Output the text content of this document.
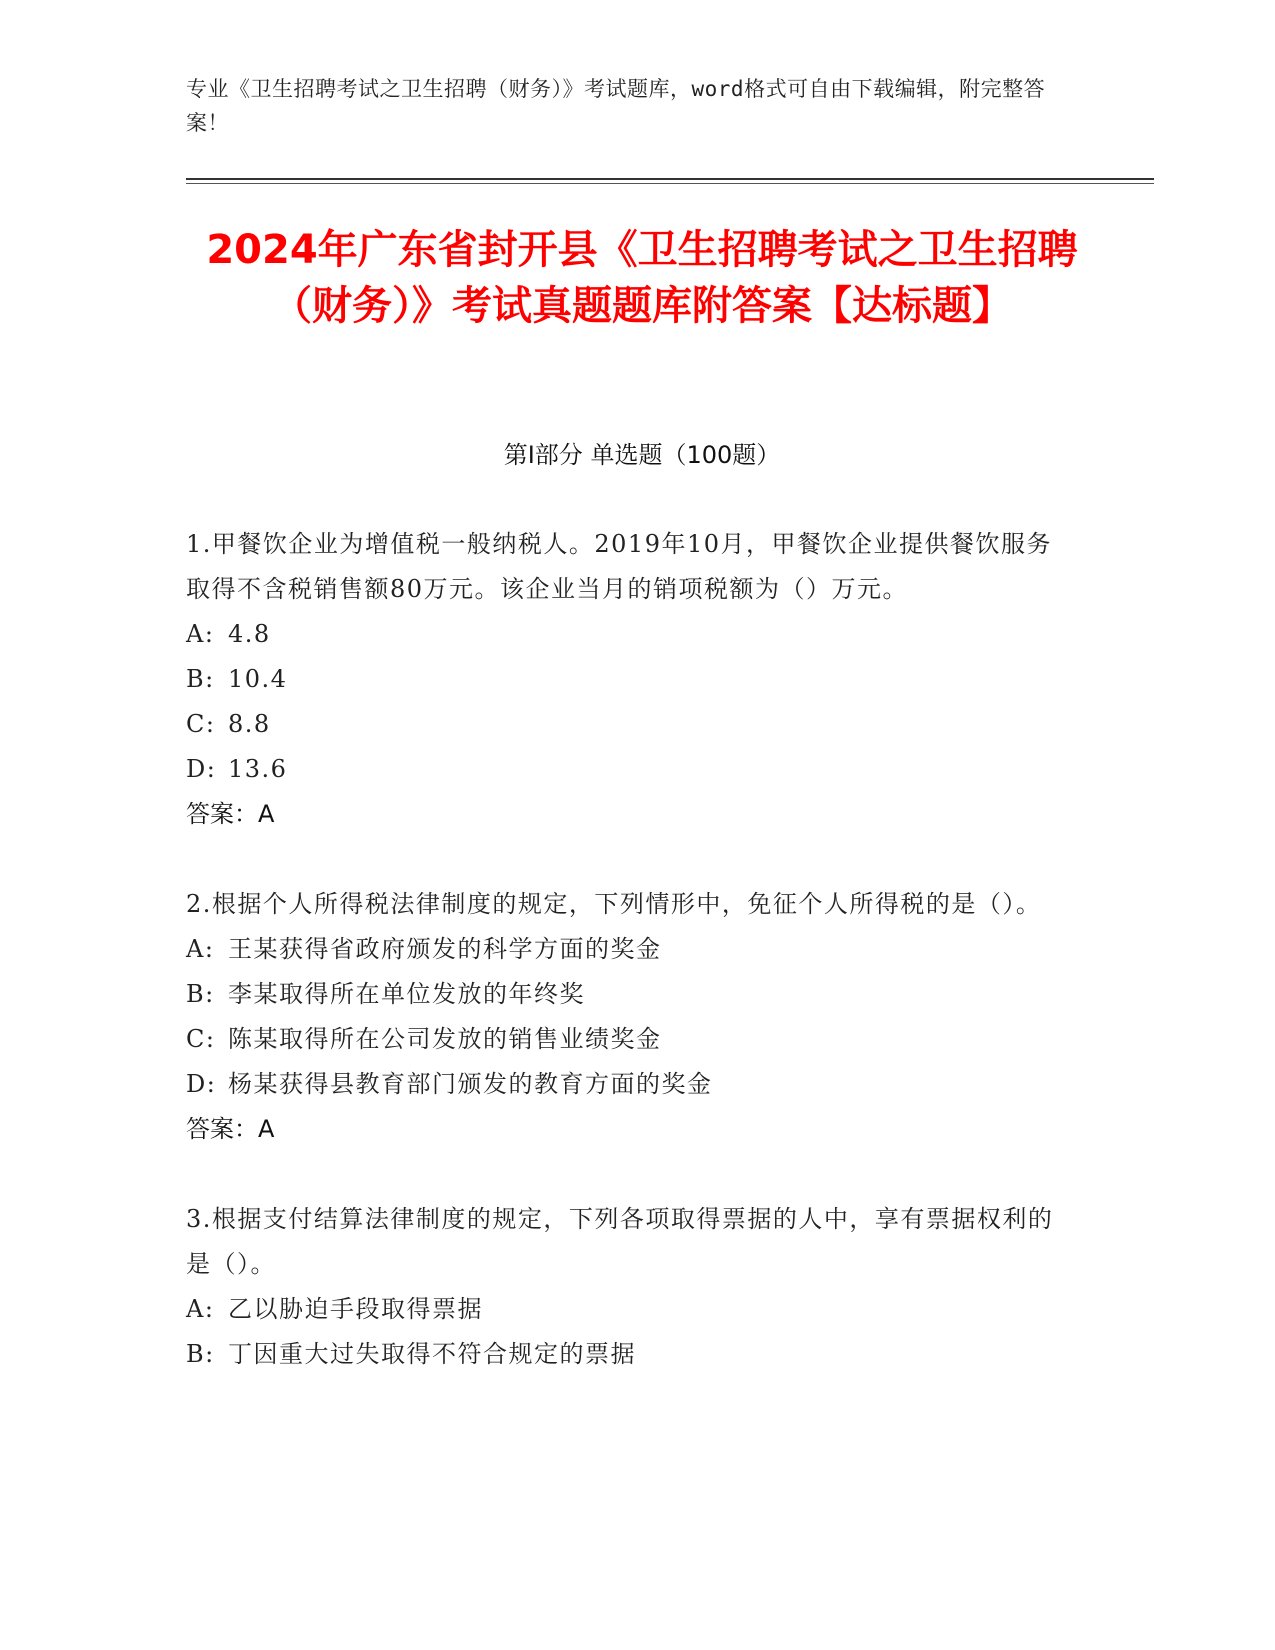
专业《卫生招聘考试之卫生招聘（财务）》考试题库，word格式可自由下载编辑，附完整答案！
2024年广东省封开县《卫生招聘考试之卫生招聘（财务）》考试真题题库附答案【达标题】
第I部分 单选题（100题）
1.甲餐饮企业为增值税一般纳税人。2019年10月，甲餐饮企业提供餐饮服务取得不含税销售额80万元。该企业当月的销项税额为（）万元。
A: 4.8
B: 10.4
C: 8.8
D: 13.6
答案：A
2.根据个人所得税法律制度的规定，下列情形中，免征个人所得税的是（）。
A: 王某获得省政府颁发的科学方面的奖金
B: 李某取得所在单位发放的年终奖
C: 陈某取得所在公司发放的销售业绩奖金
D: 杨某获得县教育部门颁发的教育方面的奖金
答案：A
3.根据支付结算法律制度的规定，下列各项取得票据的人中，享有票据权利的是（）。
A: 乙以胁迫手段取得票据
B: 丁因重大过失取得不符合规定的票据
